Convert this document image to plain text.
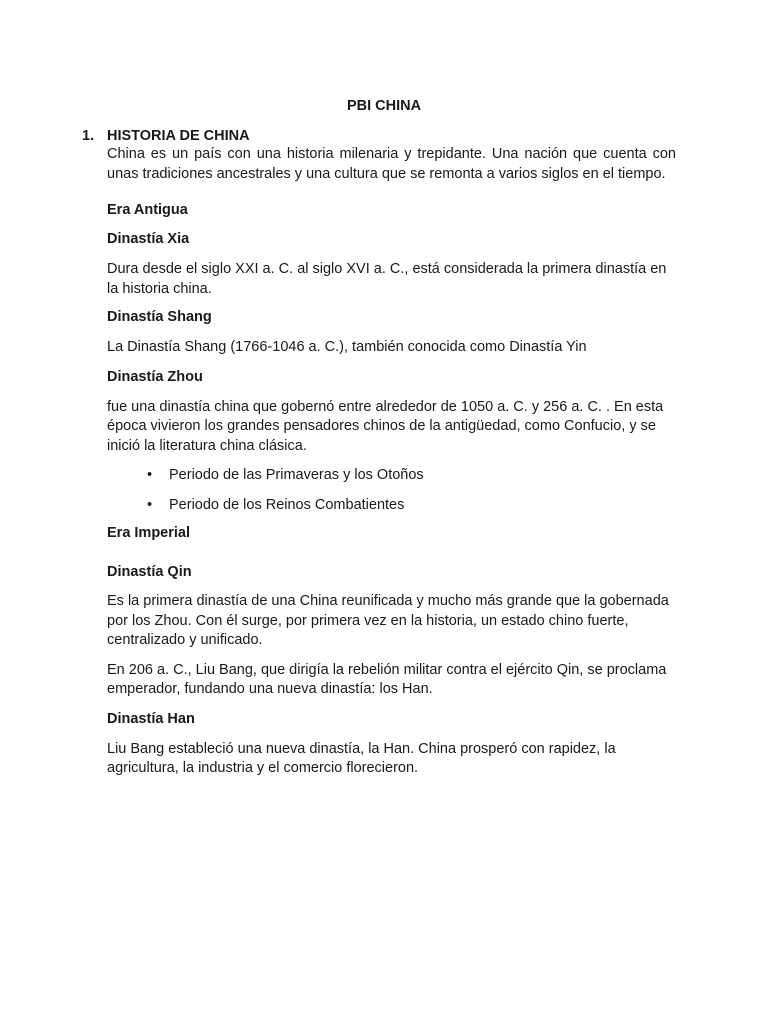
PBI CHINA
1. HISTORIA DE CHINA

China es un país con una historia milenaria y trepidante. Una nación que cuenta con unas tradiciones ancestrales y una cultura que se remonta a varios siglos en el tiempo.

Era Antigua

Dinastía Xia

Dura desde el siglo XXI a. C. al siglo XVI a. C., está considerada la primera dinastía en la historia china.

Dinastía Shang

La Dinastía Shang (1766-1046 a. C.), también conocida como Dinastía Yin

Dinastía Zhou

fue una dinastía china que gobernó entre alrededor de 1050 a. C. y 256 a. C. . En esta época vivieron los grandes pensadores chinos de la antigüedad, como Confucio, y se inició la literatura china clásica.

• Periodo de las Primaveras y los Otoños
• Periodo de los Reinos Combatientes

Era Imperial

Dinastía Qin

Es la primera dinastía de una China reunificada y mucho más grande que la gobernada por los Zhou. Con él surge, por primera vez en la historia, un estado chino fuerte, centralizado y unificado.

En 206 a. C., Liu Bang, que dirigía la rebelión militar contra el ejército Qin, se proclama emperador, fundando una nueva dinastía: los Han.

Dinastía Han

Liu Bang estableció una nueva dinastía, la Han. China prosperó con rapidez, la agricultura, la industria y el comercio florecieron.
